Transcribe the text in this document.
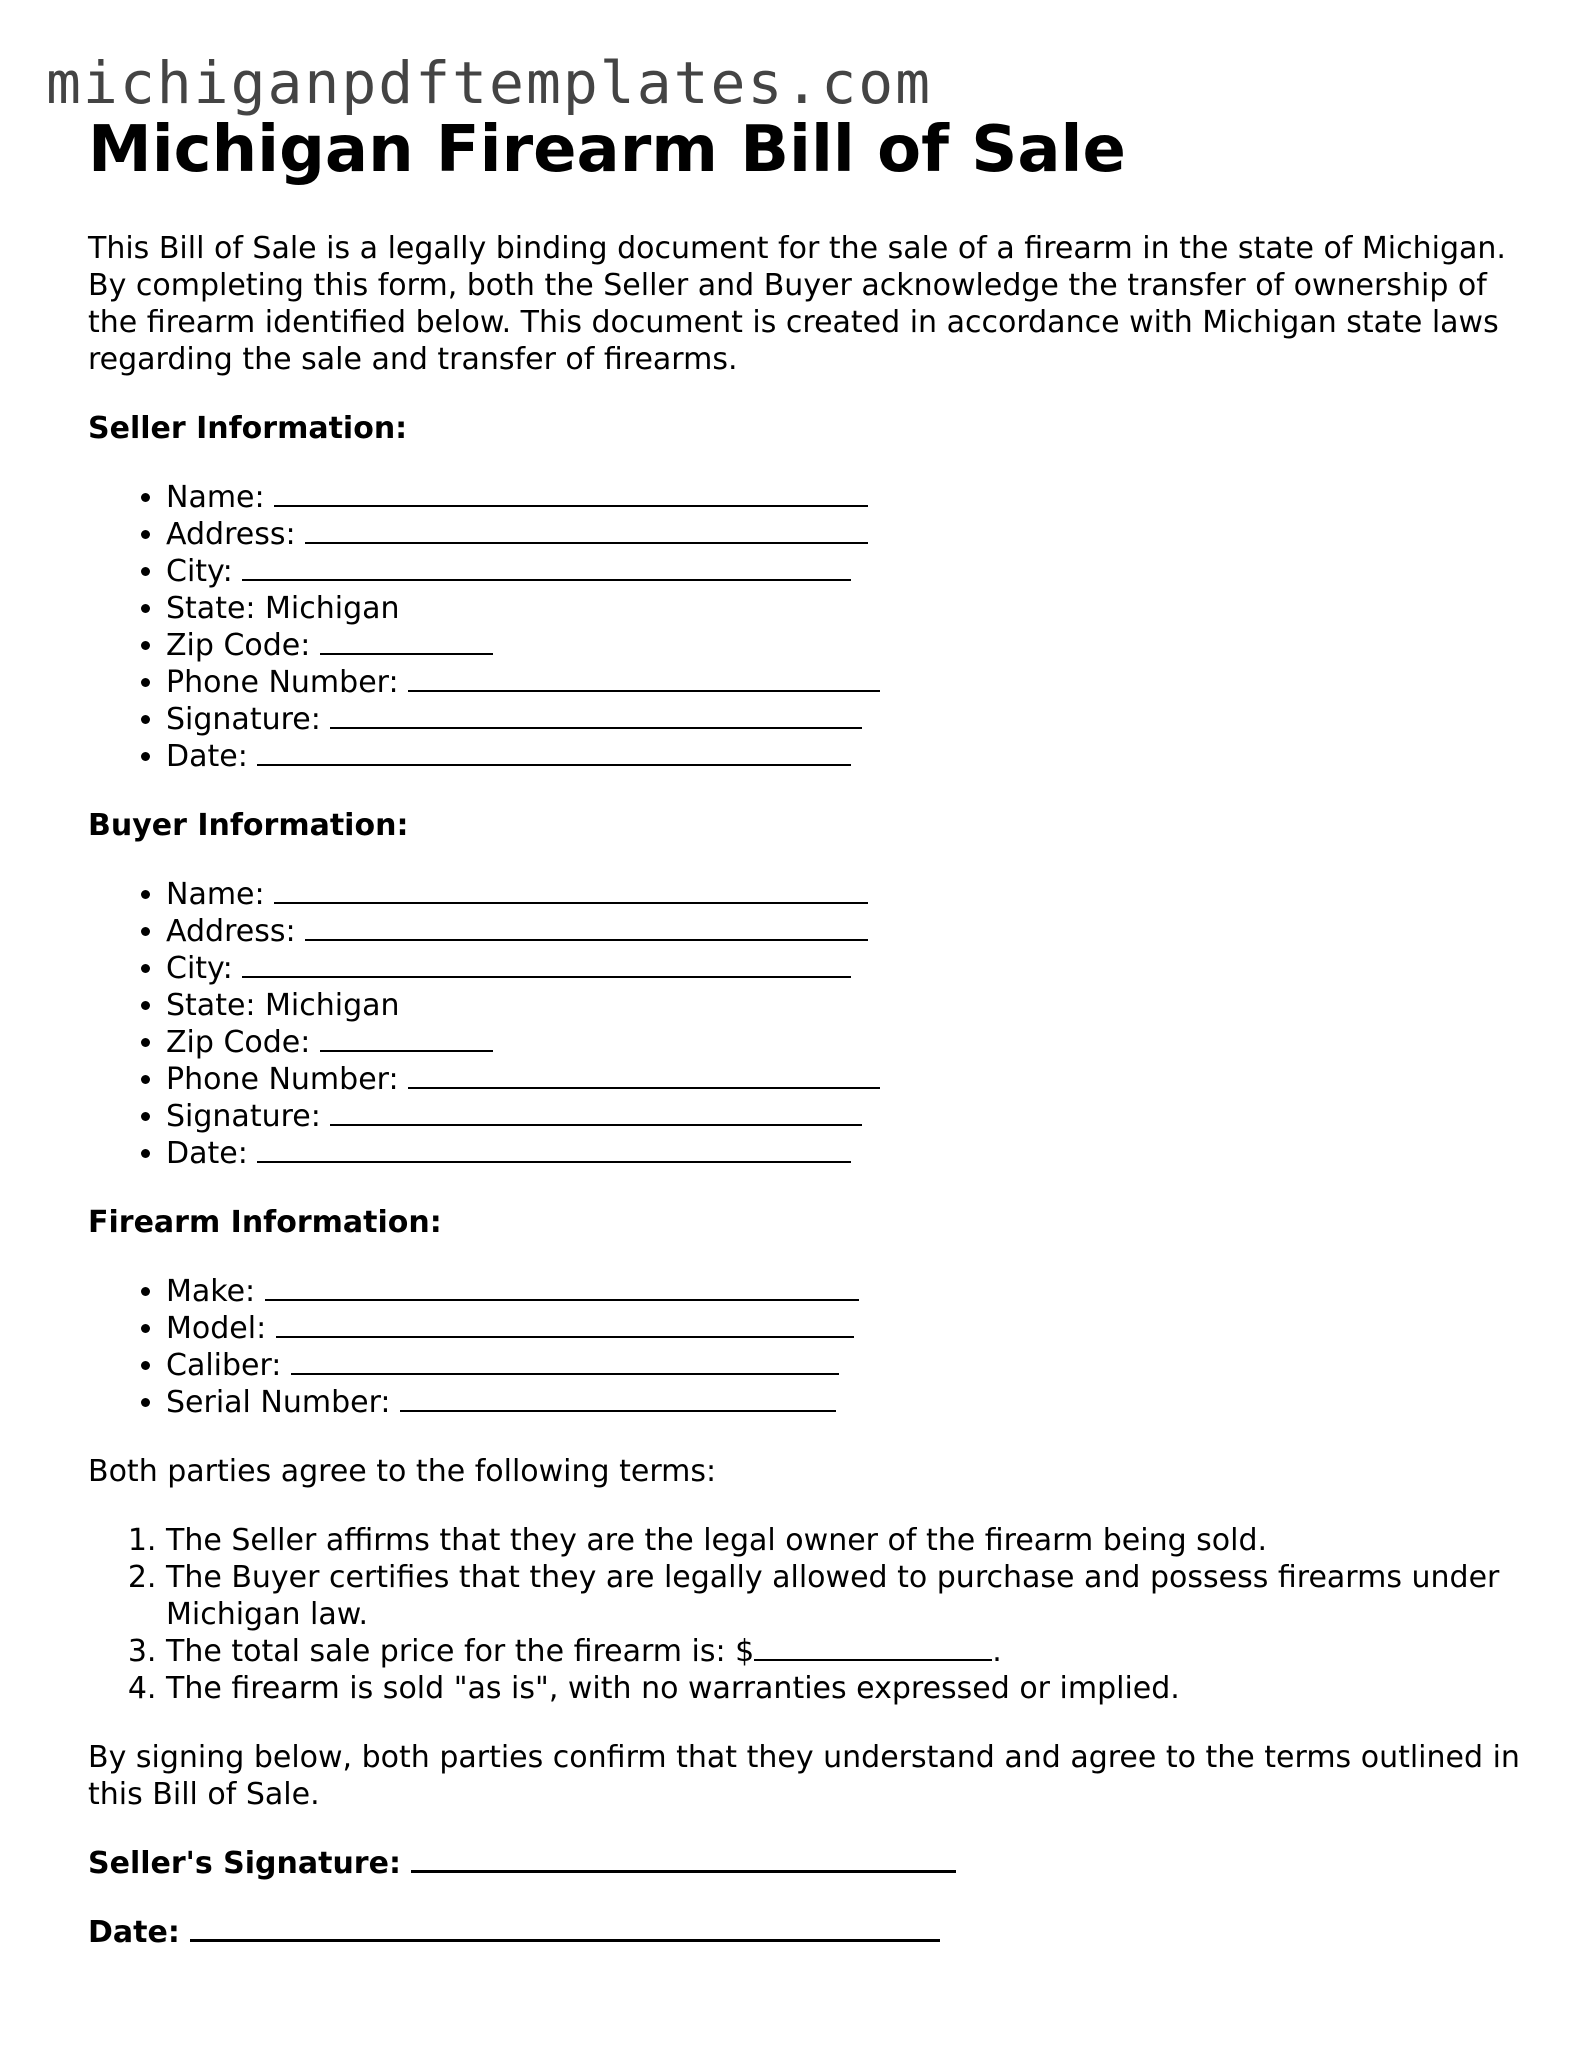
michiganpdftemplates.com
Michigan Firearm Bill of Sale

This Bill of Sale is a legally binding document for the sale of a firearm in the state of Michigan. By completing this form, both the Seller and Buyer acknowledge the transfer of ownership of the firearm identified below. This document is created in accordance with Michigan state laws regarding the sale and transfer of firearms.

Seller Information:
• Name:
• Address:
• City:
• State: Michigan
• Zip Code:
• Phone Number:
• Signature:
• Date:
Buyer Information:
• Name:
• Address:
• City:
• State: Michigan
• Zip Code:
• Phone Number:
• Signature:
• Date:
Firearm Information:
• Make:
• Model:
• Caliber:
• Serial Number:

Both parties agree to the following terms:

1. The Seller affirms that they are the legal owner of the firearm being sold.
2. The Buyer certifies that they are legally allowed to purchase and possess firearms under Michigan law.
3. The total sale price for the firearm is: $	.
4. The firearm is sold "as is", with no warranties expressed or implied.

By signing below, both parties confirm that they understand and agree to the terms outlined in this Bill of Sale.

Seller's Signature:
Date:
